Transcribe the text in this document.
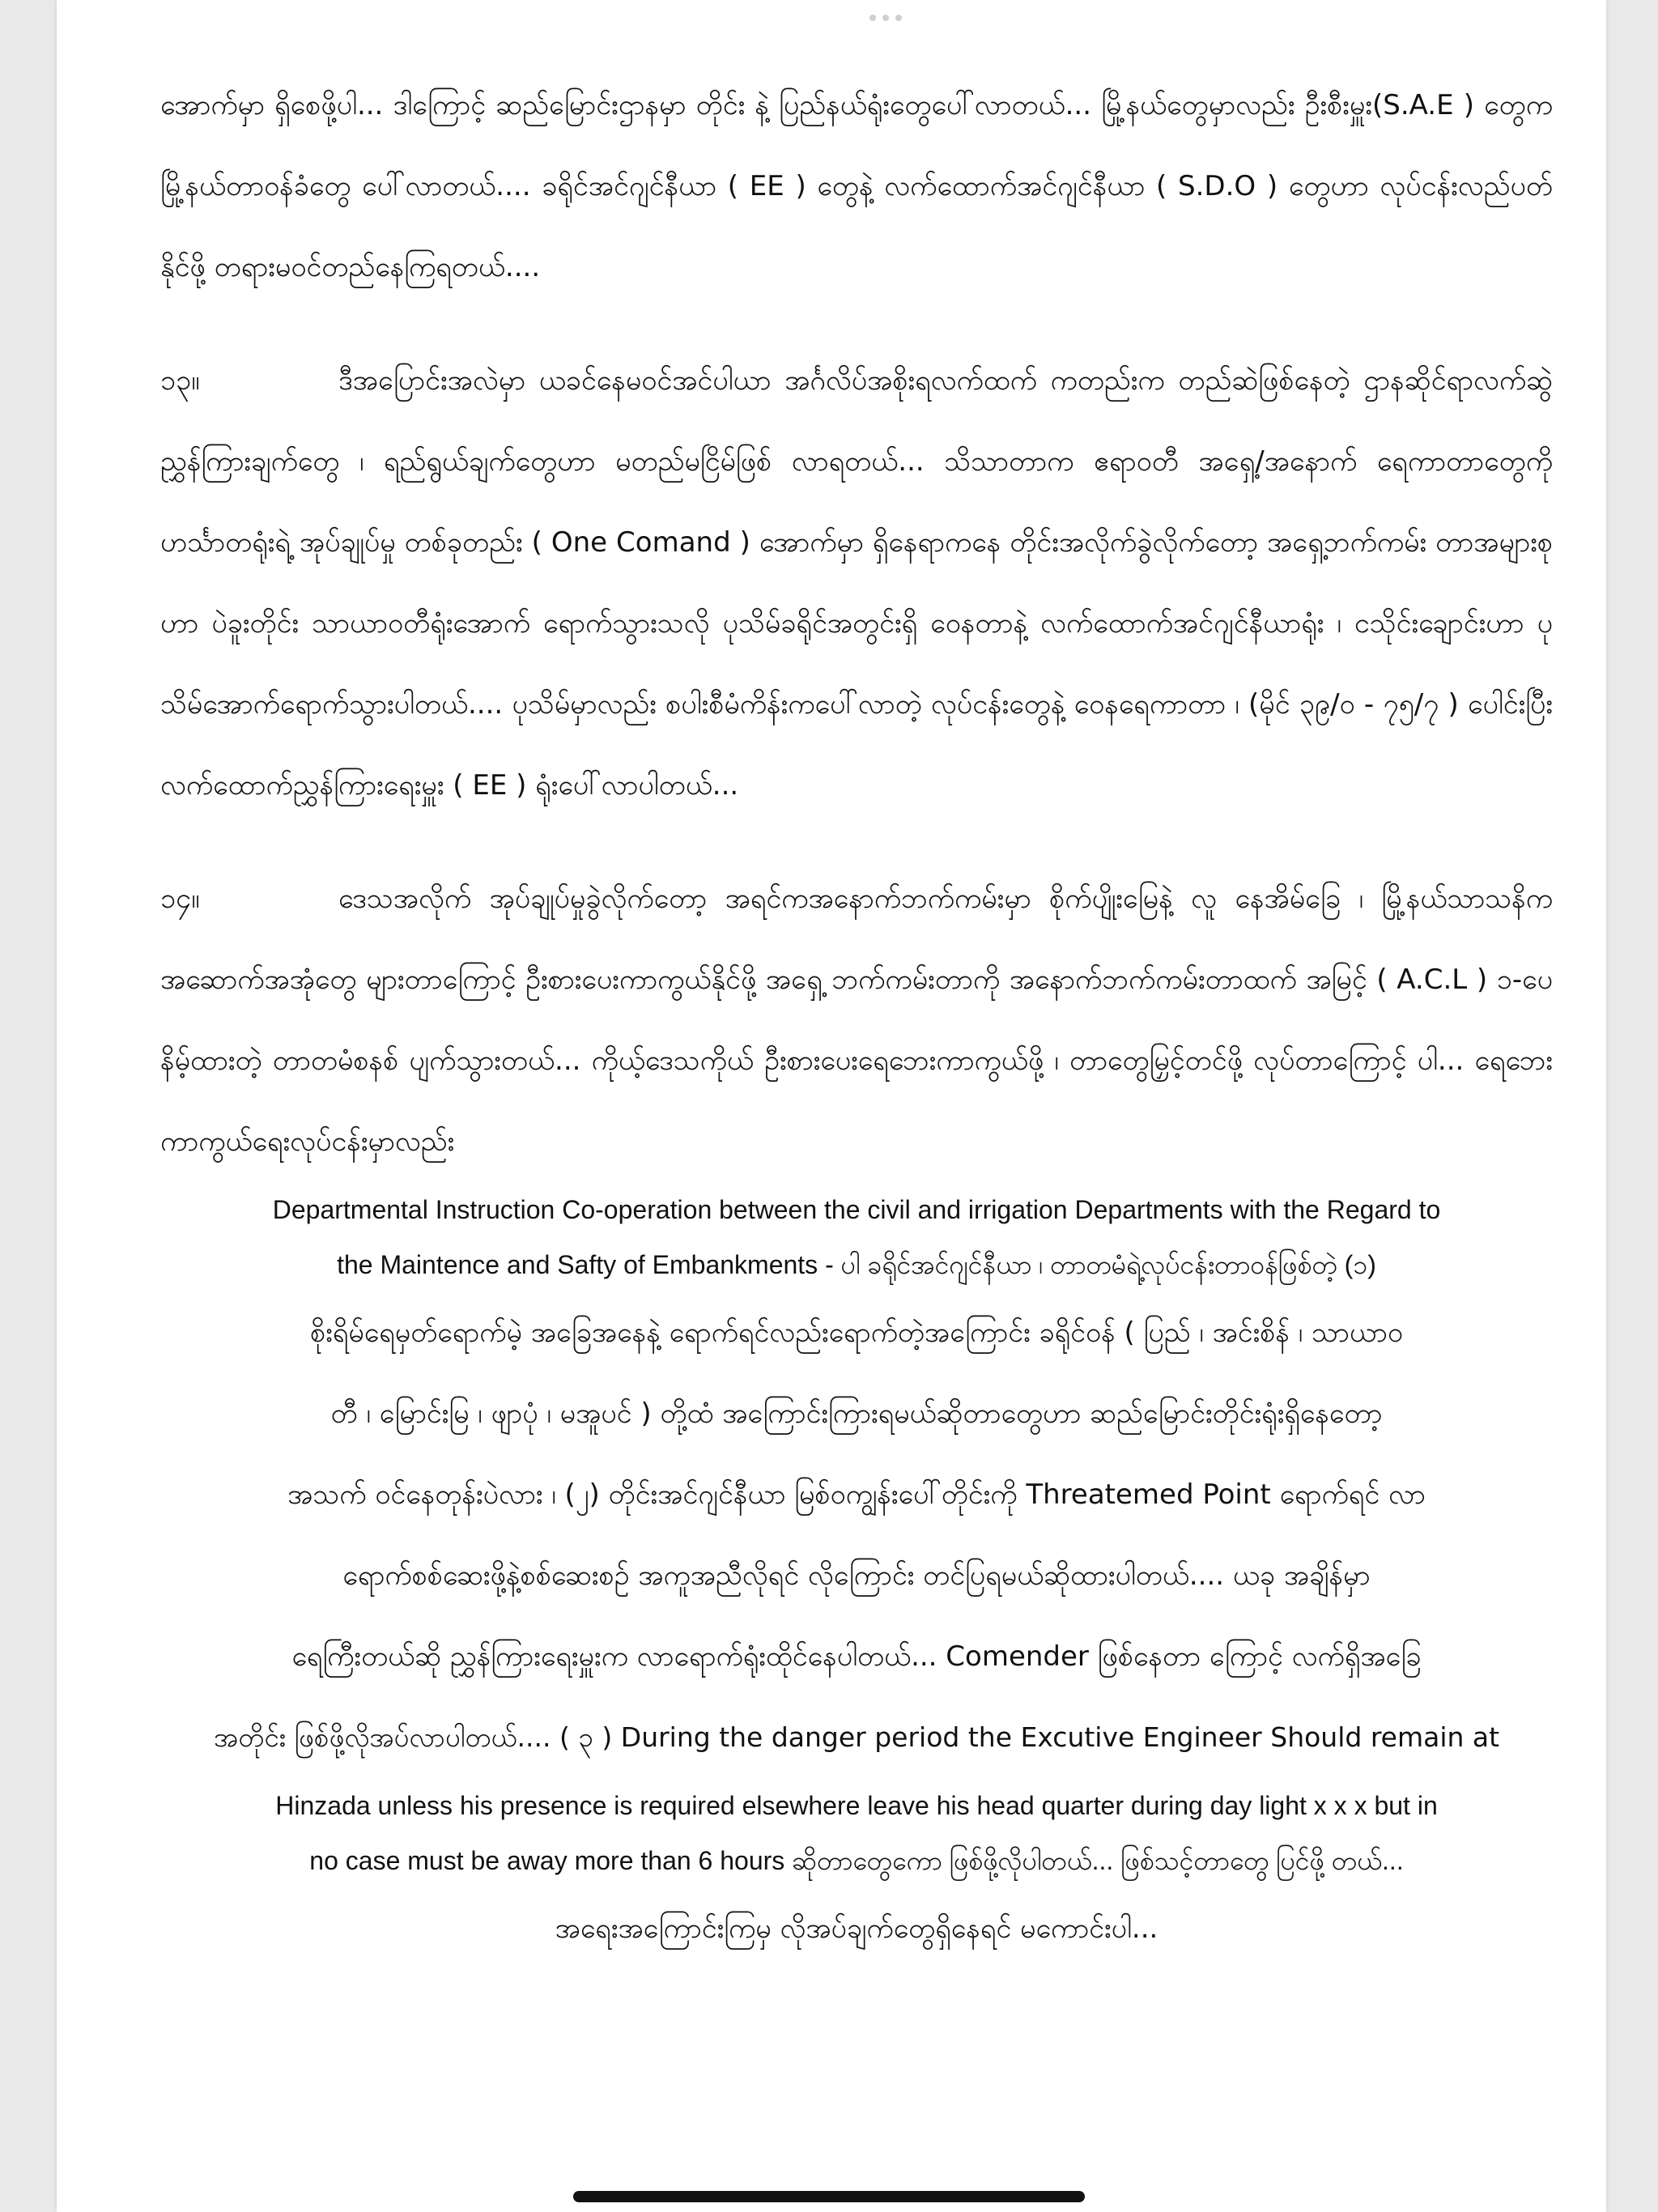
အောက်မှာ ရှိစေဖို့ပါ... ဒါကြောင့် ဆည်မြောင်းဌာနမှာ တိုင်း နဲ့ ပြည်နယ်ရုံးတွေပေါ်လာတယ်... မြို့နယ်တွေမှာလည်း ဦးစီးမှူး(S.A.E ) တွေက မြို့နယ်တာဝန်ခံတွေ ပေါ်လာတယ်.... ခရိုင်အင်ဂျင်နီယာ ( EE ) တွေနဲ့ လက်ထောက်အင်ဂျင်နီယာ ( S.D.O ) တွေဟာ လုပ်ငန်းလည်ပတ်နိုင်ဖို့ တရားမဝင်တည်နေကြရတယ်....

၁၃။	ဒီအပြောင်းအလဲမှာ ယခင်နေမဝင်အင်ပါယာ အင်္ဂလိပ်အစိုးရလက်ထက် ကတည်းက တည်ဆဲဖြစ်နေတဲ့ ဌာနဆိုင်ရာလက်ဆွဲ ညွှန်ကြားချက်တွေ ၊ ရည်ရွယ်ချက်တွေဟာ မတည်မငြိမ်ဖြစ် လာရတယ်... သိသာတာက ဧရာဝတီ အရှေ့/အနောက် ရေကာတာတွေကို ဟင်္သာတရုံးရဲ့ အုပ်ချုပ်မှု တစ်ခုတည်း ( One Comand ) အောက်မှာ ရှိနေရာကနေ တိုင်းအလိုက်ခွဲလိုက်တော့ အရှေ့ဘက်ကမ်း တာအများစုဟာ ပဲခူးတိုင်း သာယာဝတီရုံးအောက် ရောက်သွားသလို ပုသိမ်ခရိုင်အတွင်းရှိ ဝေနတာနဲ့ လက်ထောက်အင်ဂျင်နီယာရုံး ၊ ငသိုင်းချောင်းဟာ ပုသိမ်အောက်ရောက်သွားပါတယ်.... ပုသိမ်မှာလည်း စပါးစီမံကိန်းကပေါ်လာတဲ့ လုပ်ငန်းတွေနဲ့ ဝေနရေကာတာ ၊ (မိုင် ၃၉/၀ - ၇၅/၇ ) ပေါင်းပြီး လက်ထောက်ညွှန်ကြားရေးမှူး ( EE ) ရုံးပေါ်လာပါတယ်...

၁၄။	ဒေသအလိုက် အုပ်ချုပ်မှုခွဲလိုက်တော့ အရင်ကအနောက်ဘက်ကမ်းမှာ စိုက်ပျိုးမြေနဲ့ လူ နေအိမ်ခြေ ၊ မြို့နယ်သာသနိက အဆောက်အအုံတွေ များတာကြောင့် ဦးစားပေးကာကွယ်နိုင်ဖို့ အရှေ့ ဘက်ကမ်းတာကို အနောက်ဘက်ကမ်းတာထက် အမြင့် ( A.C.L ) ၁-ပေ နိမ့်ထားတဲ့ တာတမံစနစ် ပျက်သွားတယ်... ကိုယ့်ဒေသကိုယ် ဦးစားပေးရေဘေးကာကွယ်ဖို့ ၊ တာတွေမြှင့်တင်ဖို့ လုပ်တာကြောင့် ပါ... ရေဘေးကာကွယ်ရေးလုပ်ငန်းမှာလည်း

Departmental Instruction Co-operation between the civil and irrigation Departments with the Regard to

the Maintence and Safty of Embankments - ပါ ခရိုင်အင်ဂျင်နီယာ ၊ တာတမံရဲ့လုပ်ငန်းတာဝန်ဖြစ်တဲ့ (၁)

စိုးရိမ်ရေမှတ်ရောက်မဲ့ အခြေအနေနဲ့ ရောက်ရင်လည်းရောက်တဲ့အကြောင်း ခရိုင်ဝန် ( ပြည် ၊ အင်းစိန် ၊ သာယာဝ

တီ ၊ မြောင်းမြ ၊ ဖျာပုံ ၊ မအူပင် ) တို့ထံ အကြောင်းကြားရမယ်ဆိုတာတွေဟာ ဆည်မြောင်းတိုင်းရုံးရှိနေတော့

အသက် ဝင်နေတုန်းပဲလား ၊ (၂) တိုင်းအင်ဂျင်နီယာ မြစ်ဝကျွန်းပေါ်တိုင်းကို Threatemed Point ရောက်ရင် လာ

ရောက်စစ်ဆေးဖို့နဲ့စစ်ဆေးစဉ် အကူအညီလိုရင် လိုကြောင်း တင်ပြရမယ်ဆိုထားပါတယ်.... ယခု အချိန်မှာ

ရေကြီးတယ်ဆို ညွှန်ကြားရေးမှူးက လာရောက်ရုံးထိုင်နေပါတယ်... Comender ဖြစ်နေတာ ကြောင့် လက်ရှိအခြေ

အတိုင်း ဖြစ်ဖို့လိုအပ်လာပါတယ်.... ( ၃ ) During the danger period the Excutive Engineer Should remain at

Hinzada unless his presence is required elsewhere leave his head quarter during day light x x x but in

no case must be away more than 6 hours ဆိုတာတွေကော ဖြစ်ဖို့လိုပါတယ်... ဖြစ်သင့်တာတွေ ပြင်ဖို့ တယ်...

အရေးအကြောင်းကြမှ လိုအပ်ချက်တွေရှိနေရင် မကောင်းပါ...
